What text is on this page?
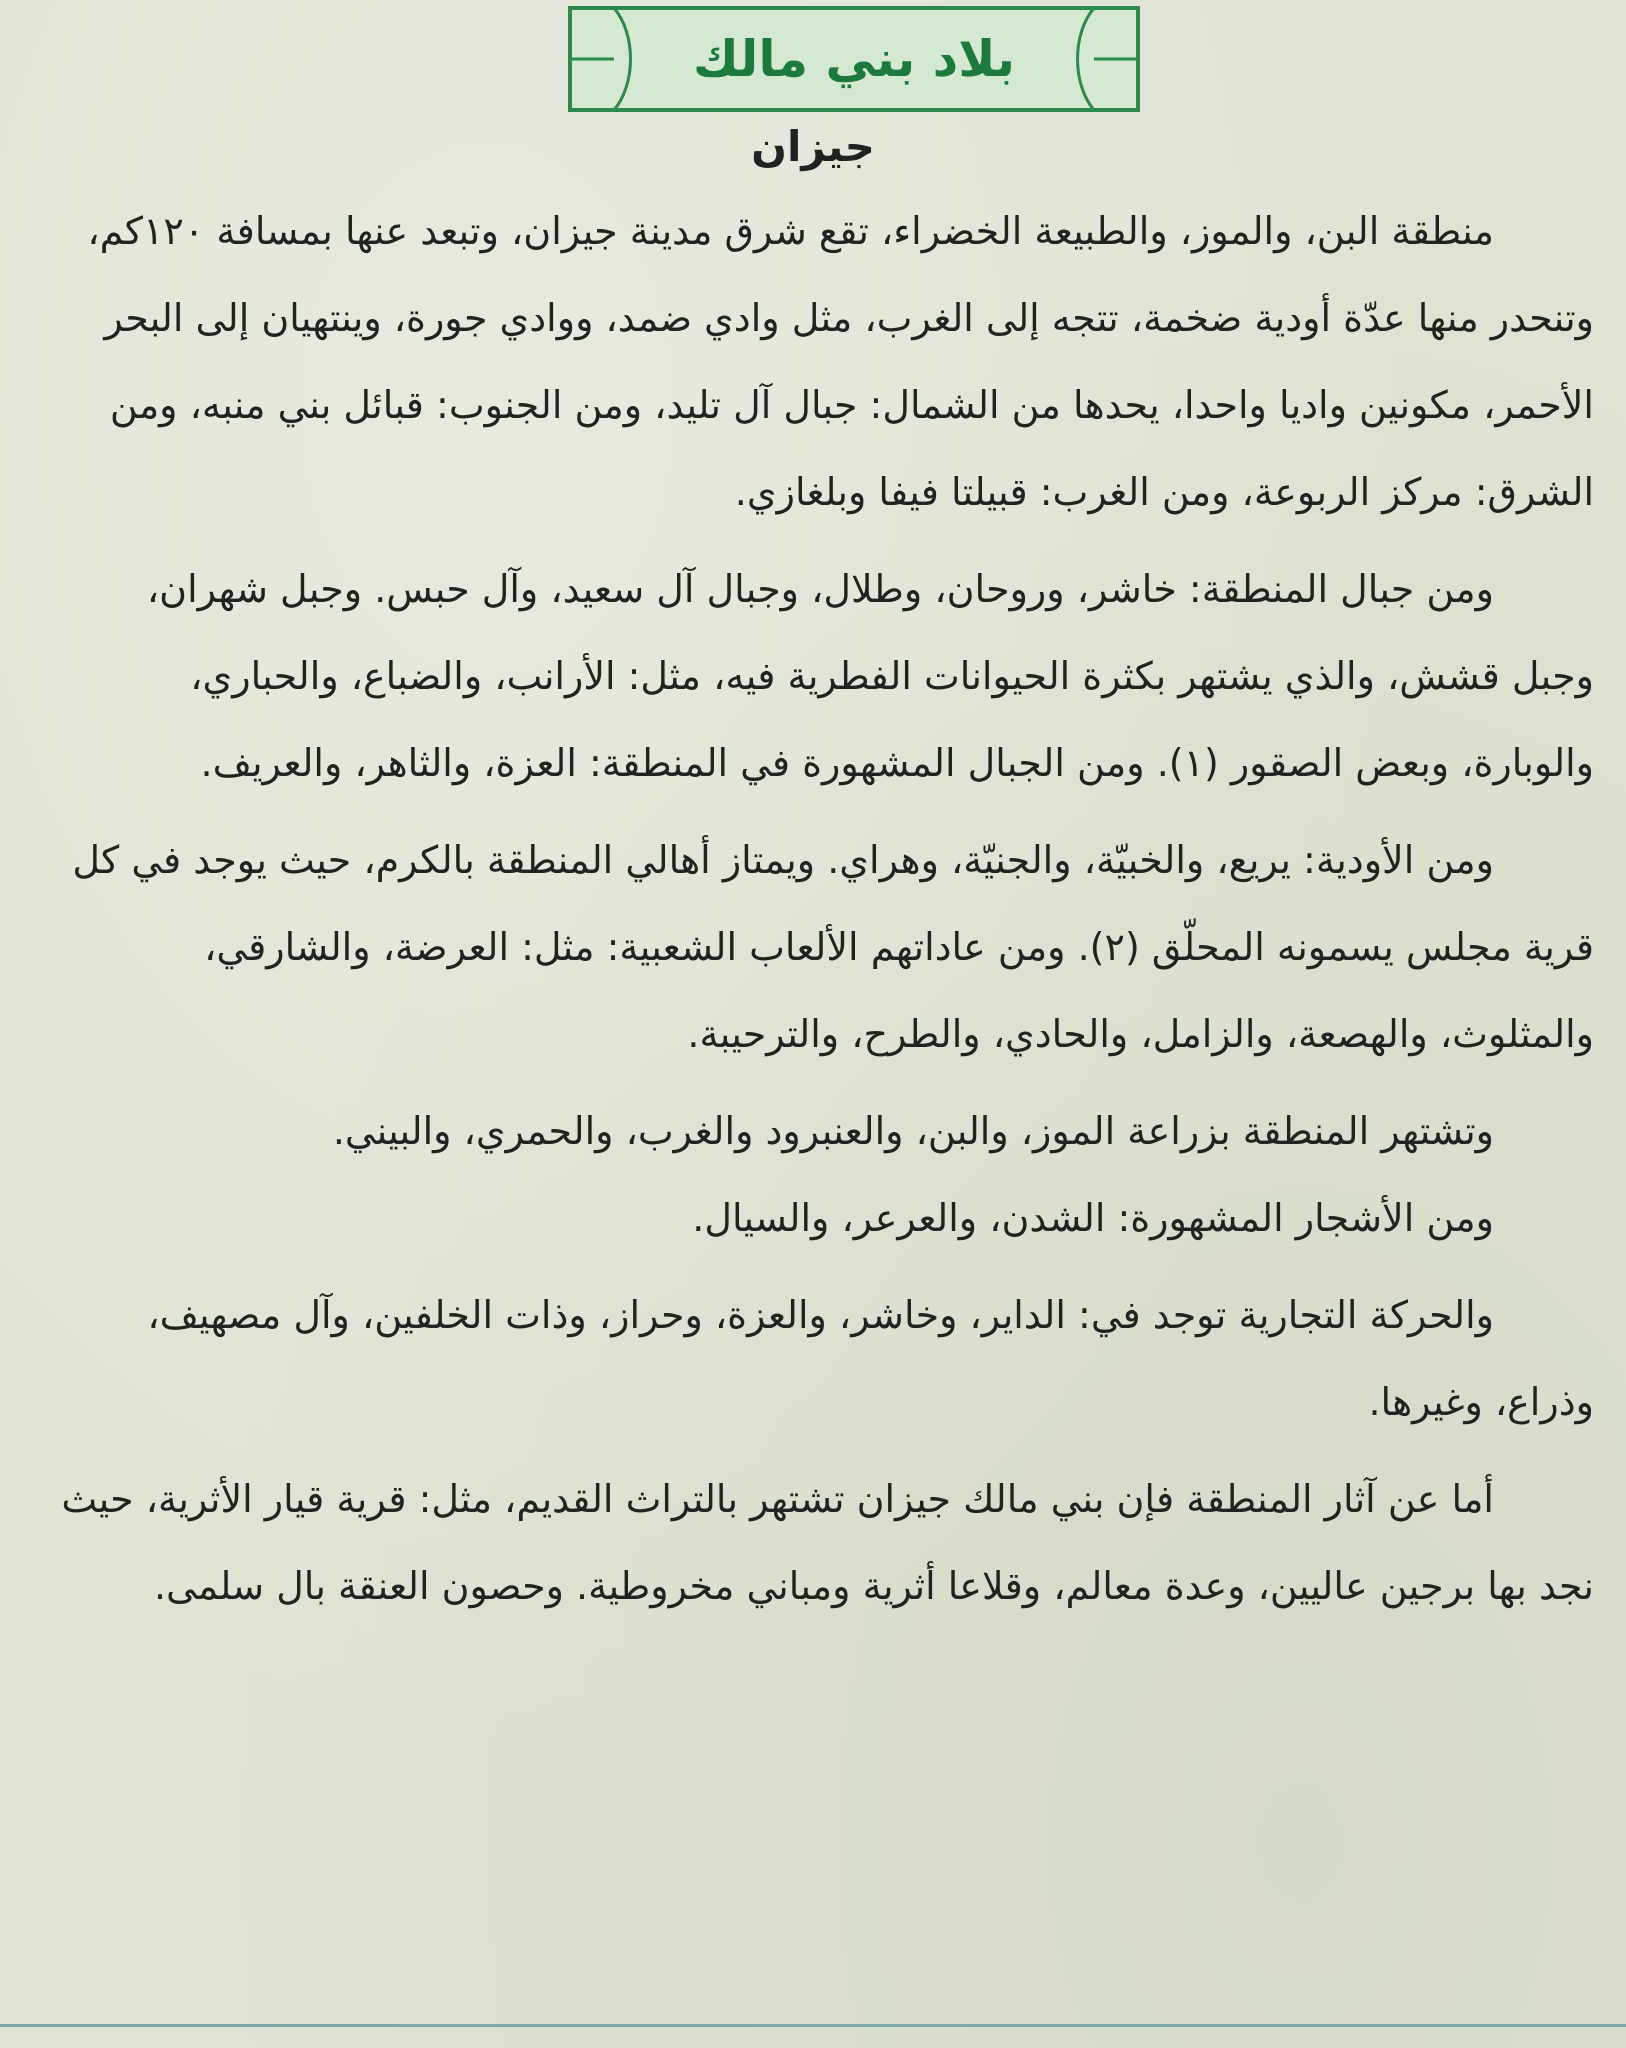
بلاد بني مالك
جيزان

منطقة البن، والموز، والطبيعة الخضراء، تقع شرق مدينة جيزان، وتبعد عنها بمسافة ١٢٠كم، وتنحدر منها عدّة أودية ضخمة، تتجه إلى الغرب، مثل وادي ضمد، ووادي جورة، وينتهيان إلى البحر الأحمر، مكونين واديا واحدا، يحدها من الشمال: جبال آل تليد، ومن الجنوب: قبائل بني منبه، ومن الشرق: مركز الربوعة، ومن الغرب: قبيلتا فيفا وبلغازي.

ومن جبال المنطقة: خاشر، وروحان، وطلال، وجبال آل سعيد، وآل حبس. وجبل شهران، وجبل قشش، والذي يشتهر بكثرة الحيوانات الفطرية فيه، مثل: الأرانب، والضباع، والحباري، والوبارة، وبعض الصقور (١). ومن الجبال المشهورة في المنطقة: العزة، والثاهر، والعريف.

ومن الأودية: يريع، والخبيّة، والجنيّة، وهراي. ويمتاز أهالي المنطقة بالكرم، حيث يوجد في كل قرية مجلس يسمونه المحلّق (٢). ومن عاداتهم الألعاب الشعبية: مثل: العرضة، والشارقي، والمثلوث، والهصعة، والزامل، والحادي، والطرح، والترحيبة.

وتشتهر المنطقة بزراعة الموز، والبن، والعنبرود والغرب، والحمري، والبيني.

ومن الأشجار المشهورة: الشدن، والعرعر، والسيال.

والحركة التجارية توجد في: الداير، وخاشر، والعزة، وحراز، وذات الخلفين، وآل مصهيف، وذراع، وغيرها.

أما عن آثار المنطقة فإن بني مالك جيزان تشتهر بالتراث القديم، مثل: قرية قيار الأثرية، حيث نجد بها برجين عاليين، وعدة معالم، وقلاعا أثرية ومباني مخروطية. وحصون العنقة بال سلمى.
